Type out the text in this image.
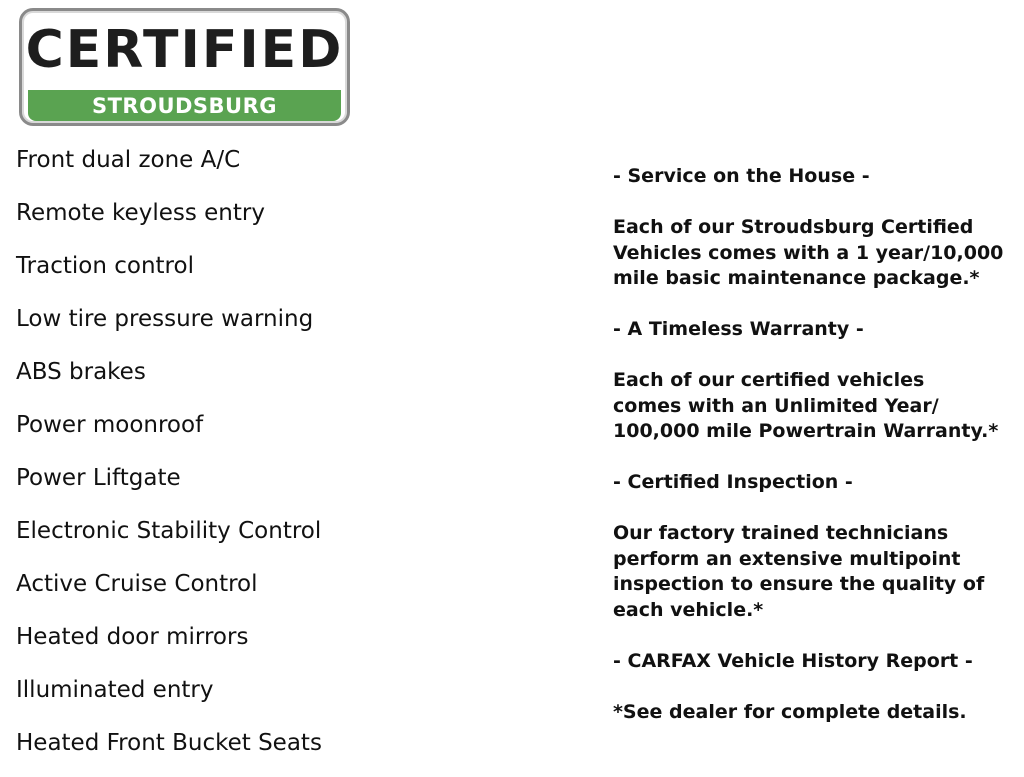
CERTIFIED
STROUDSBURG
Front dual zone A/C
Remote keyless entry
Traction control
Low tire pressure warning
ABS brakes
Power moonroof
Power Liftgate
Electronic Stability Control
Active Cruise Control
Heated door mirrors
Illuminated entry
Heated Front Bucket Seats

- Service on the House -

Each of our Stroudsburg Certified
Vehicles comes with a 1 year/10,000
mile basic maintenance package.*

- A Timeless Warranty -

Each of our certified vehicles
comes with an Unlimited Year/
100,000 mile Powertrain Warranty.*

- Certified Inspection -

Our factory trained technicians
perform an extensive multipoint
inspection to ensure the quality of
each vehicle.*

- CARFAX Vehicle History Report -

*See dealer for complete details.
